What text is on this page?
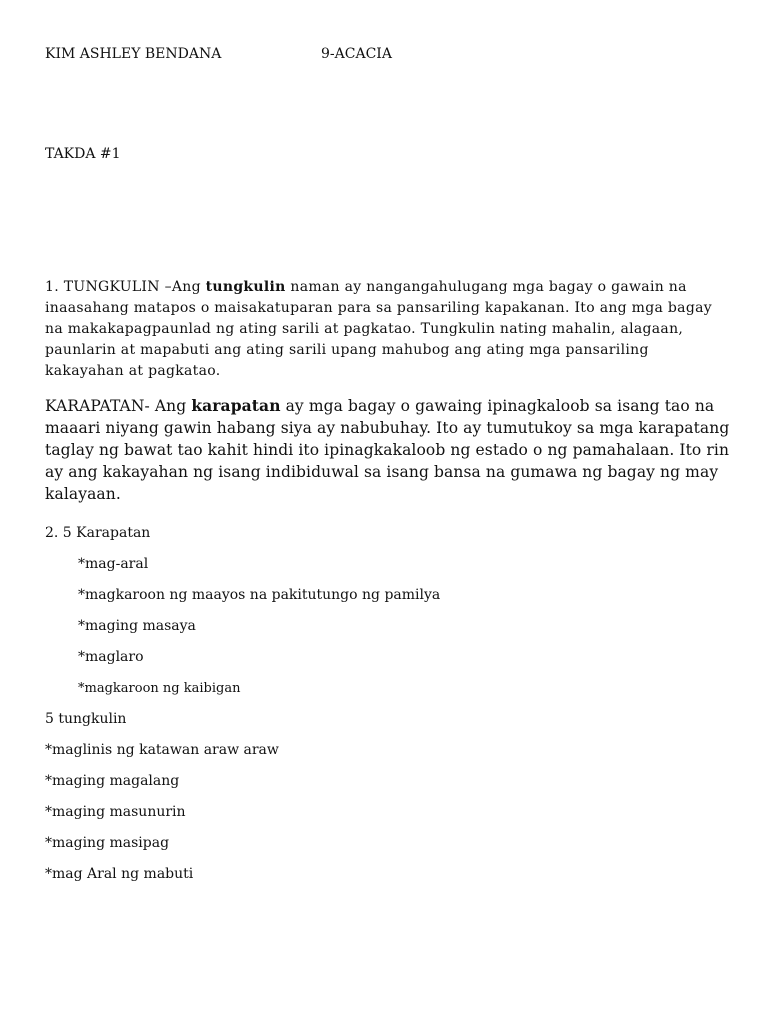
KIM ASHLEY BENDANA	9-ACACIA
TAKDA #1
1. TUNGKULIN –Ang tungkulin naman ay nangangahulugang mga bagay o gawain na inaasahang matapos o maisakatuparan para sa pansariling kapakanan. Ito ang mga bagay na makakapagpaunlad ng ating sarili at pagkatao. Tungkulin nating mahalin, alagaan, paunlarin at mapabuti ang ating sarili upang mahubog ang ating mga pansariling kakayahan at pagkatao.
KARAPATAN- Ang karapatan ay mga bagay o gawaing ipinagkaloob sa isang tao na maaari niyang gawin habang siya ay nabubuhay. Ito ay tumutukoy sa mga karapatang taglay ng bawat tao kahit hindi ito ipinagkakaloob ng estado o ng pamahalaan. Ito rin ay ang kakayahan ng isang indibiduwal sa isang bansa na gumawa ng bagay ng may kalayaan.
2. 5 Karapatan
*mag-aral
*magkaroon ng maayos na pakitutungo ng pamilya
*maging masaya
*maglaro
*magkaroon ng kaibigan
5 tungkulin
*maglinis ng katawan araw araw
*maging magalang
*maging masunurin
*maging masipag
*mag Aral ng mabuti
